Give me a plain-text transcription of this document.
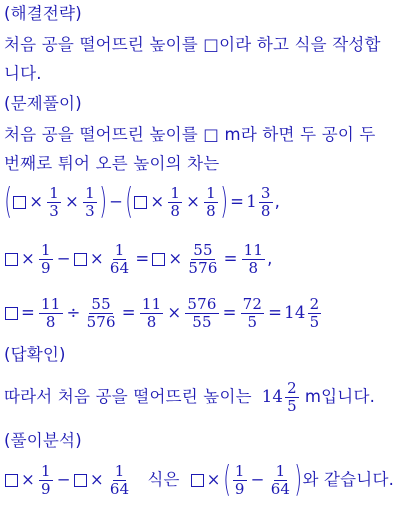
(해결전략)
처음 공을 떨어뜨린 높이를 □이라 하고 식을 작성합
니다.
(문제풀이)
처음 공을 떨어뜨린 높이를 □ m라 하면 두 공이 두
번째로 튀어 오른 높이의 차는
( × $\frac{1}{3} \times \frac{1}{3}$ ) − ( × $\frac{1}{8} \times \frac{1}{8}$ ) = $1 \frac{3}{8}$ ,
× $\frac{1}{9}$ − × $\frac{1}{64}$ = × $\frac{55}{576} = \frac{11}{8}$ ,
= $\frac{11}{8} \div \frac{55}{576} = \frac{11}{8} \times \frac{576}{55} = \frac{72}{5} = 14 \frac{2}{5}$
(답확인)
따라서 처음 공을 떨어뜨린 높이는 $14 \frac{2}{5}$ m입니다.
(풀이분석)
× $\frac{1}{9}$ − × $\frac{1}{64}$ 식은 × ( $\frac{1}{9} - \frac{1}{64}$ ) 와 같습니다.
